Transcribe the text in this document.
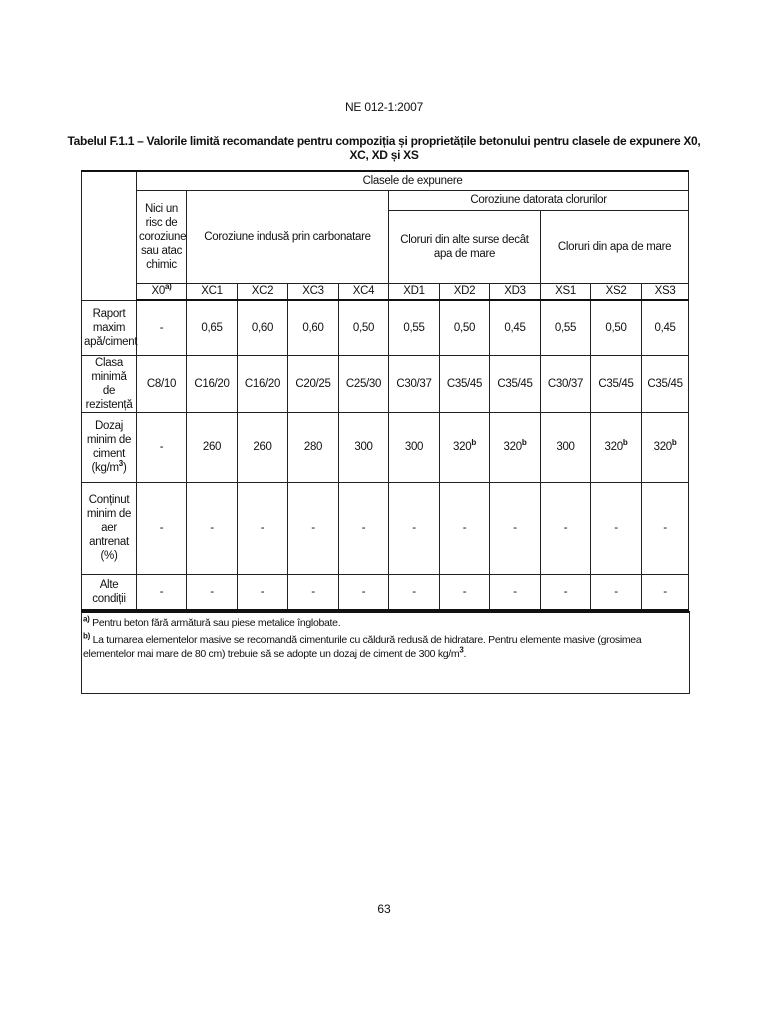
NE 012-1:2007
Tabelul F.1.1 – Valorile limită recomandate pentru compoziția și proprietățile betonului pentru clasele de expunere X0, XC, XD și XS
	Clasele de expunere										
	Nici un risc de coroziune sau atac chimic	Coroziune indusă prin carbonatare				Coroziune datorata clorurilor					
						Cloruri din alte surse decât apa de mare			Cloruri din apa de mare		
	X0$^{a)}$	XC1	XC2	XC3	XC4	XD1	XD2	XD3	XS1	XS2	XS3
Raport maxim apă/ciment	-	0,65	0,60	0,60	0,50	0,55	0,50	0,45	0,55	0,50	0,45
Clasa minimă de rezistență	C8/10	C16/20	C16/20	C20/25	C25/30	C30/37	C35/45	C35/45	C30/37	C35/45	C35/45
Dozaj minim de ciment $(kg/m^3)$	-	260	260	280	300	300	320$^b$	320$^b$	300	320$^b$	320$^b$
Conținut minim de aer antrenat (%)	-	-	-	-	-	-	-	-	-	-	-
Alte condiții	-	-	-	-	-	-	-	-	-	-	-
$^{a)}$ Pentru beton fără armătură sau piese metalice înglobate.
$^{b)}$ La turnarea elementelor masive se recomandă cimenturile cu căldură redusă de hidratare. Pentru elemente masive (grosimea elementelor mai mare de 80 cm) trebuie să se adopte un dozaj de ciment de 300 kg/m$^3$.
63
